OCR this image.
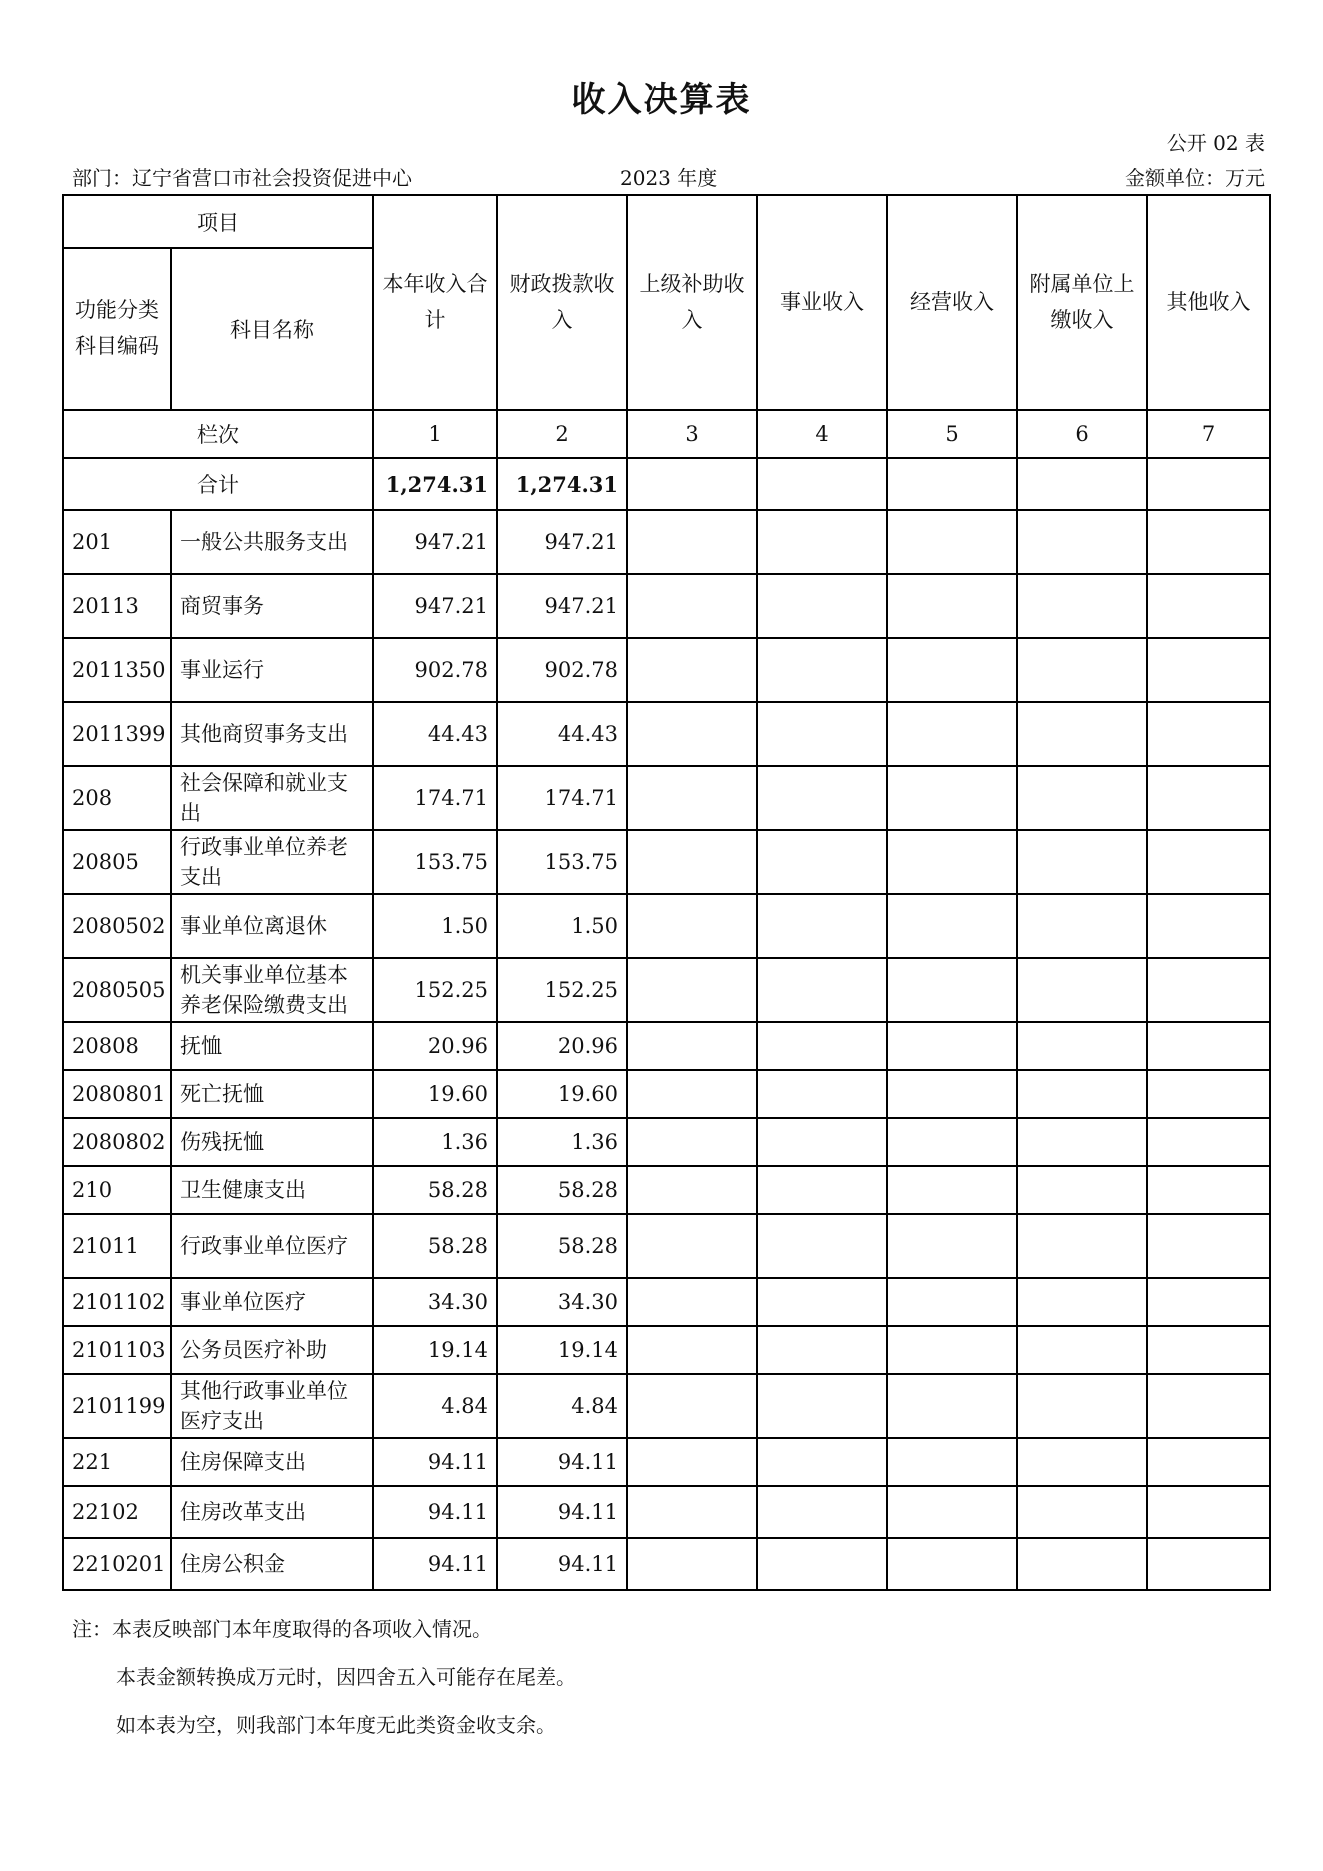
收入决算表
公开 02 表
部门：辽宁省营口市社会投资促进中心	2023 年度	金额单位：万元
项目		本年收入合计	财政拨款收入	上级补助收入	事业收入	经营收入	附属单位上缴收入	其他收入
功能分类科目编码	科目名称							
栏次		1	2	3	4	5	6	7
合计		1,274.31	1,274.31					
201	一般公共服务支出	947.21	947.21					
20113	商贸事务	947.21	947.21					
2011350	事业运行	902.78	902.78					
2011399	其他商贸事务支出	44.43	44.43					
208	社会保障和就业支出	174.71	174.71					
20805	行政事业单位养老支出	153.75	153.75					
2080502	事业单位离退休	1.50	1.50					
2080505	机关事业单位基本养老保险缴费支出	152.25	152.25					
20808	抚恤	20.96	20.96					
2080801	死亡抚恤	19.60	19.60					
2080802	伤残抚恤	1.36	1.36					
210	卫生健康支出	58.28	58.28					
21011	行政事业单位医疗	58.28	58.28					
2101102	事业单位医疗	34.30	34.30					
2101103	公务员医疗补助	19.14	19.14					
2101199	其他行政事业单位医疗支出	4.84	4.84					
221	住房保障支出	94.11	94.11					
22102	住房改革支出	94.11	94.11					
2210201	住房公积金	94.11	94.11					
注：本表反映部门本年度取得的各项收入情况。
本表金额转换成万元时，因四舍五入可能存在尾差。
如本表为空，则我部门本年度无此类资金收支余。
